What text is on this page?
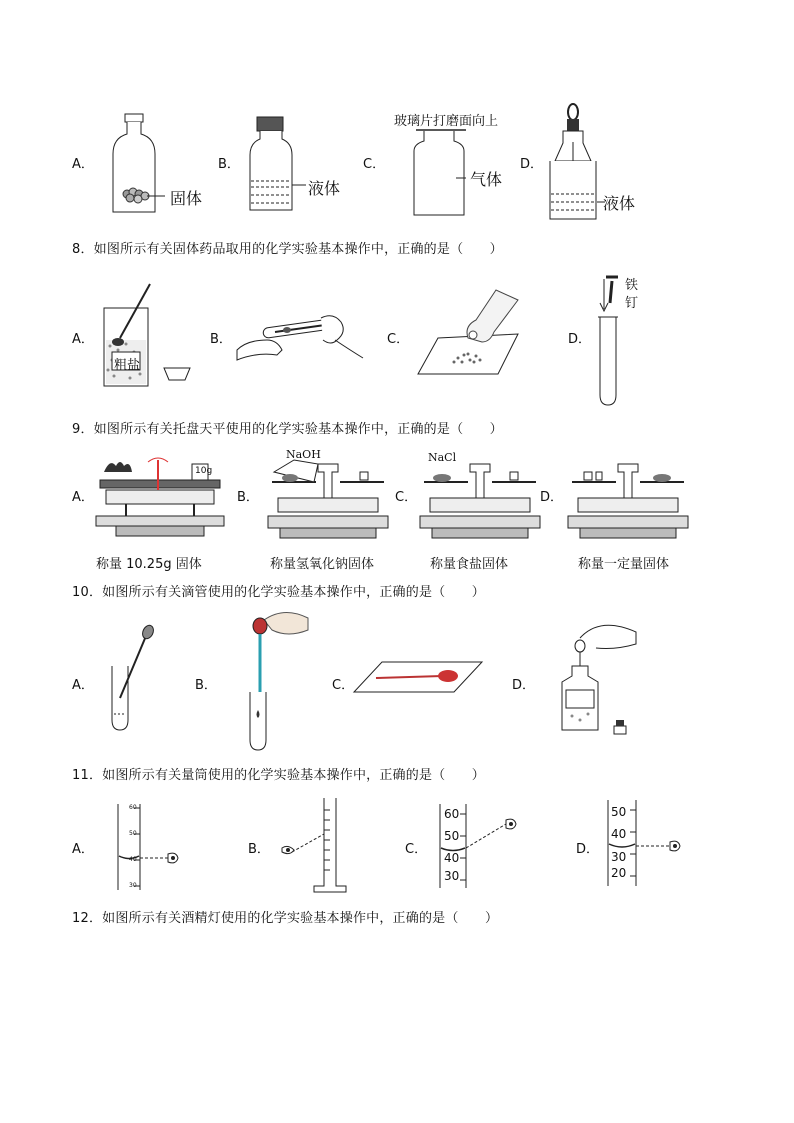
A．	B．	C．	D．
固体
液体
玻璃片打磨面向上
气体
液体
8．如图所示有关固体药品取用的化学实验基本操作中，正确的是（　　）
A．	B．	C．	D．
粗盐
铁
钉
9．如图所示有关托盘天平使用的化学实验基本操作中，正确的是（　　）
A．	B．	C．	D．
10g
NaOH	NaCl
称量 10.25g 固体	称量氢氧化钠固体	称量食盐固体	称量一定量固体
10．如图所示有关滴管使用的化学实验基本操作中，正确的是（　　）
A．	B．	C．	D．
11．如图所示有关量筒使用的化学实验基本操作中，正确的是（　　）
A．	B．	C．	D．
60
50
40
30
60
50
40
30
50
40
30
20
12．如图所示有关酒精灯使用的化学实验基本操作中，正确的是（　　）
